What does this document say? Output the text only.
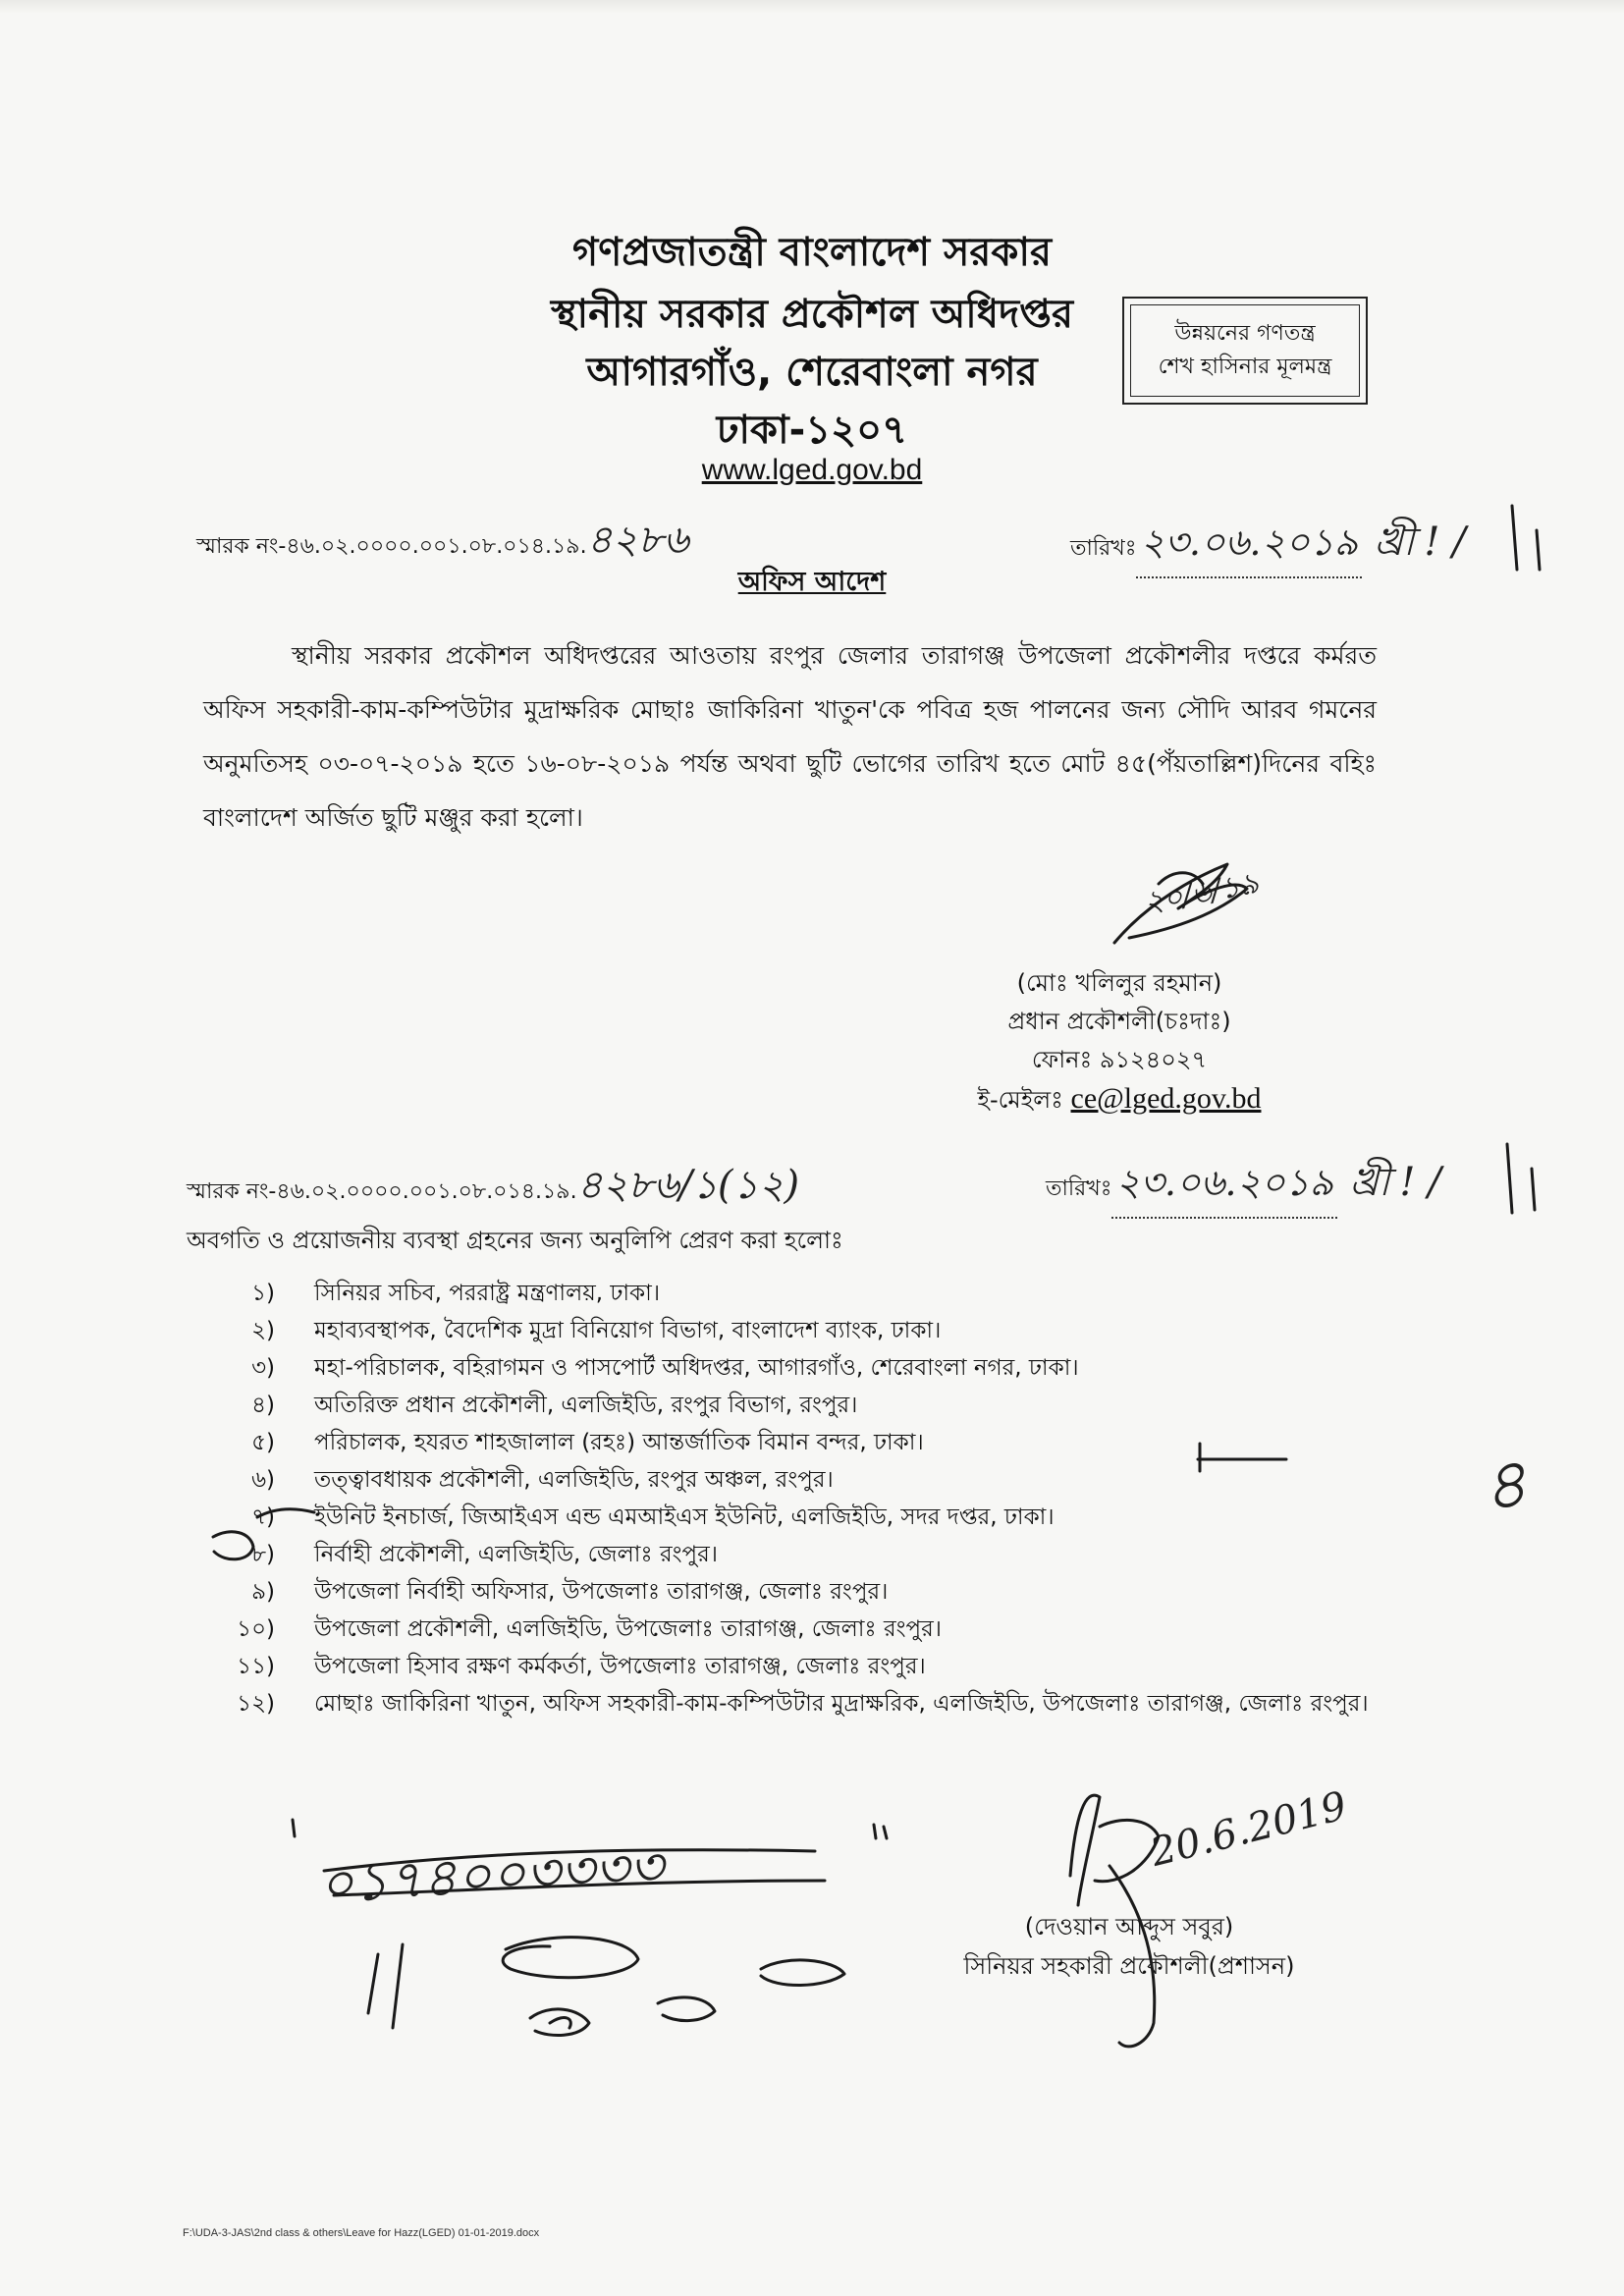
গণপ্রজাতন্ত্রী বাংলাদেশ সরকার
স্থানীয় সরকার প্রকৌশল অধিদপ্তর
আগারগাঁও, শেরেবাংলা নগর
ঢাকা-১২০৭
www.lged.gov.bd
উন্নয়নের গণতন্ত্র
শেখ হাসিনার মূলমন্ত্র
স্মারক নং-৪৬.০২.০০০০.০০১.০৮.০১৪.১৯. ৪২৮৬	তারিখঃ ২৩.০৬.২০১৯ খ্রী ! /
অফিস আদেশ
স্থানীয় সরকার প্রকৌশল অধিদপ্তরের আওতায় রংপুর জেলার তারাগঞ্জ উপজেলা প্রকৌশলীর দপ্তরে কর্মরত অফিস সহকারী-কাম-কম্পিউটার মুদ্রাক্ষরিক মোছাঃ জাকিরিনা খাতুন'কে পবিত্র হজ পালনের জন্য সৌদি আরব গমনের অনুমতিসহ ০৩-০৭-২০১৯ হতে ১৬-০৮-২০১৯ পর্যন্ত অথবা ছুটি ভোগের তারিখ হতে মোট ৪৫(পঁয়তাল্লিশ)দিনের বহিঃ বাংলাদেশ অর্জিত ছুটি মঞ্জুর করা হলো।
২০/৬/১৯
(মোঃ খলিলুর রহমান)
প্রধান প্রকৌশলী(চঃদাঃ)
ফোনঃ ৯১২৪০২৭
ই-মেইলঃ ce@lged.gov.bd
স্মারক নং-৪৬.০২.০০০০.০০১.০৮.০১৪.১৯. ৪২৮৬/১(১২)	তারিখঃ ২৩.০৬.২০১৯ খ্রী ! /
অবগতি ও প্রয়োজনীয় ব্যবস্থা গ্রহনের জন্য অনুলিপি প্রেরণ করা হলোঃ
১)	সিনিয়র সচিব, পররাষ্ট্র মন্ত্রণালয়, ঢাকা।
২)	মহাব্যবস্থাপক, বৈদেশিক মুদ্রা বিনিয়োগ বিভাগ, বাংলাদেশ ব্যাংক, ঢাকা।
৩)	মহা-পরিচালক, বহিরাগমন ও পাসপোর্ট অধিদপ্তর, আগারগাঁও, শেরেবাংলা নগর, ঢাকা।
৪)	অতিরিক্ত প্রধান প্রকৌশলী, এলজিইডি, রংপুর বিভাগ, রংপুর।
৫)	পরিচালক, হযরত শাহজালাল (রহঃ) আন্তর্জাতিক বিমান বন্দর, ঢাকা।
৬)	তত্ত্বাবধায়ক প্রকৌশলী, এলজিইডি, রংপুর অঞ্চল, রংপুর।
৭)	ইউনিট ইনচার্জ, জিআইএস এন্ড এমআইএস ইউনিট, এলজিইডি, সদর দপ্তর, ঢাকা।
৮)	নির্বাহী প্রকৌশলী, এলজিইডি, জেলাঃ রংপুর।
৯)	উপজেলা নির্বাহী অফিসার, উপজেলাঃ তারাগঞ্জ, জেলাঃ রংপুর।
১০)	উপজেলা প্রকৌশলী, এলজিইডি, উপজেলাঃ তারাগঞ্জ, জেলাঃ রংপুর।
১১)	উপজেলা হিসাব রক্ষণ কর্মকর্তা, উপজেলাঃ তারাগঞ্জ, জেলাঃ রংপুর।
১২)	মোছাঃ জাকিরিনা খাতুন, অফিস সহকারী-কাম-কম্পিউটার মুদ্রাক্ষরিক, এলজিইডি, উপজেলাঃ তারাগঞ্জ, জেলাঃ রংপুর।
৪
20.6.2019
(দেওয়ান আব্দুস সবুর)
সিনিয়র সহকারী প্রকৌশলী(প্রশাসন)
০১৭৪০০৩৩৩৩
F:\UDA-3-JAS\2nd class & others\Leave for Hazz(LGED) 01-01-2019.docx
